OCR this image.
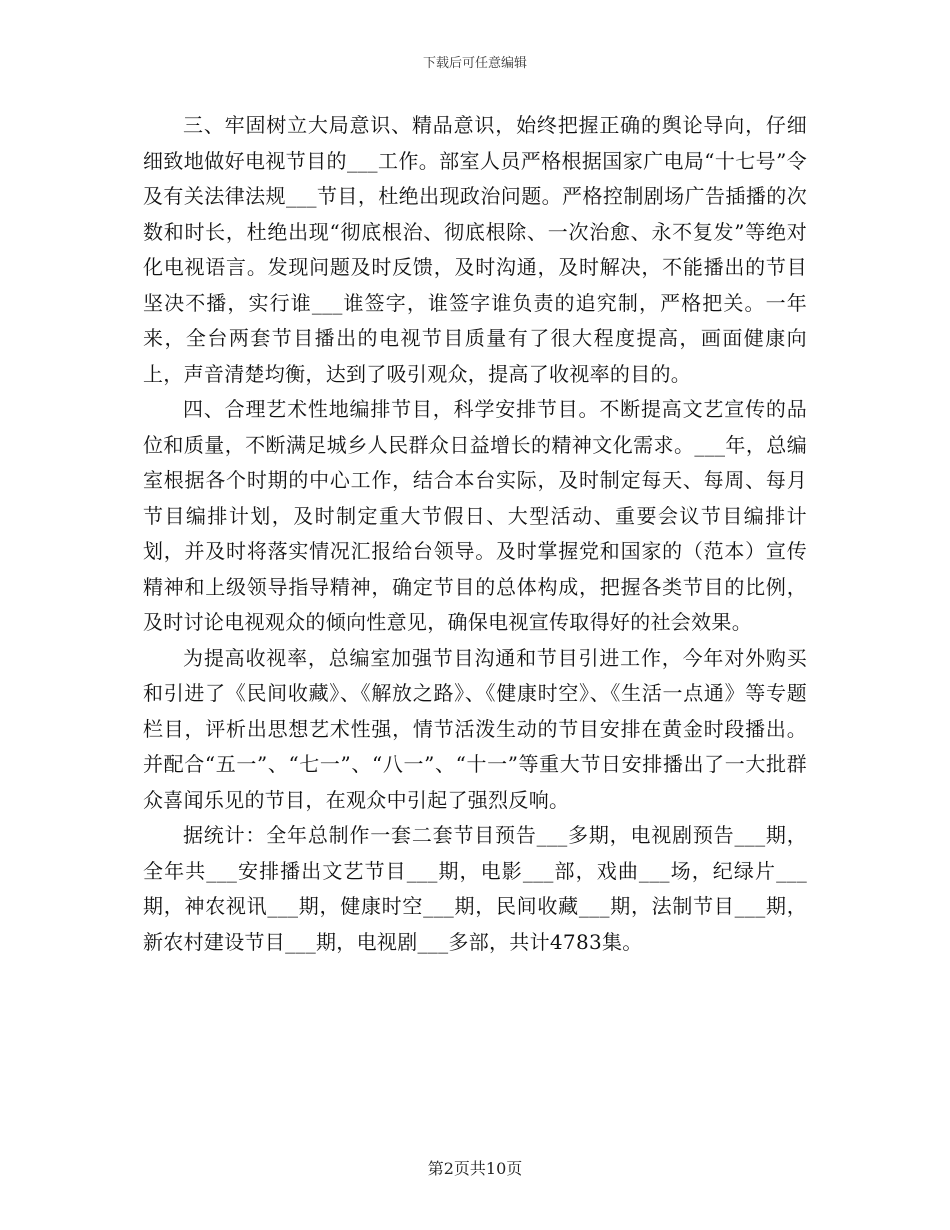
下载后可任意编辑

三、牢固树立大局意识、精品意识，始终把握正确的舆论导向，仔细细致地做好电视节目的___工作。部室人员严格根据国家广电局“十七号”令及有关法律法规___节目，杜绝出现政治问题。严格控制剧场广告插播的次数和时长，杜绝出现“彻底根治、彻底根除、一次治愈、永不复发”等绝对化电视语言。发现问题及时反馈，及时沟通，及时解决，不能播出的节目坚决不播，实行谁___谁签字，谁签字谁负责的追究制，严格把关。一年来，全台两套节目播出的电视节目质量有了很大程度提高，画面健康向上，声音清楚均衡，达到了吸引观众，提高了收视率的目的。

四、合理艺术性地编排节目，科学安排节目。不断提高文艺宣传的品位和质量，不断满足城乡人民群众日益增长的精神文化需求。___年，总编室根据各个时期的中心工作，结合本台实际，及时制定每天、每周、每月节目编排计划，及时制定重大节假日、大型活动、重要会议节目编排计划，并及时将落实情况汇报给台领导。及时掌握党和国家的（范本）宣传精神和上级领导指导精神，确定节目的总体构成，把握各类节目的比例，及时讨论电视观众的倾向性意见，确保电视宣传取得好的社会效果。

为提高收视率，总编室加强节目沟通和节目引进工作，今年对外购买和引进了《民间收藏》、《解放之路》、《健康时空》、《生活一点通》等专题栏目，评析出思想艺术性强，情节活泼生动的节目安排在黄金时段播出。并配合“五一”、“七一”、“八一”、“十一”等重大节日安排播出了一大批群众喜闻乐见的节目，在观众中引起了强烈反响。

据统计：全年总制作一套二套节目预告___多期，电视剧预告___期，全年共___安排播出文艺节目___期，电影___部，戏曲___场，纪绿片___期，神农视讯___期，健康时空___期，民间收藏___期，法制节目___期，新农村建设节目___期，电视剧___多部，共计4783集。

第2页共10页
